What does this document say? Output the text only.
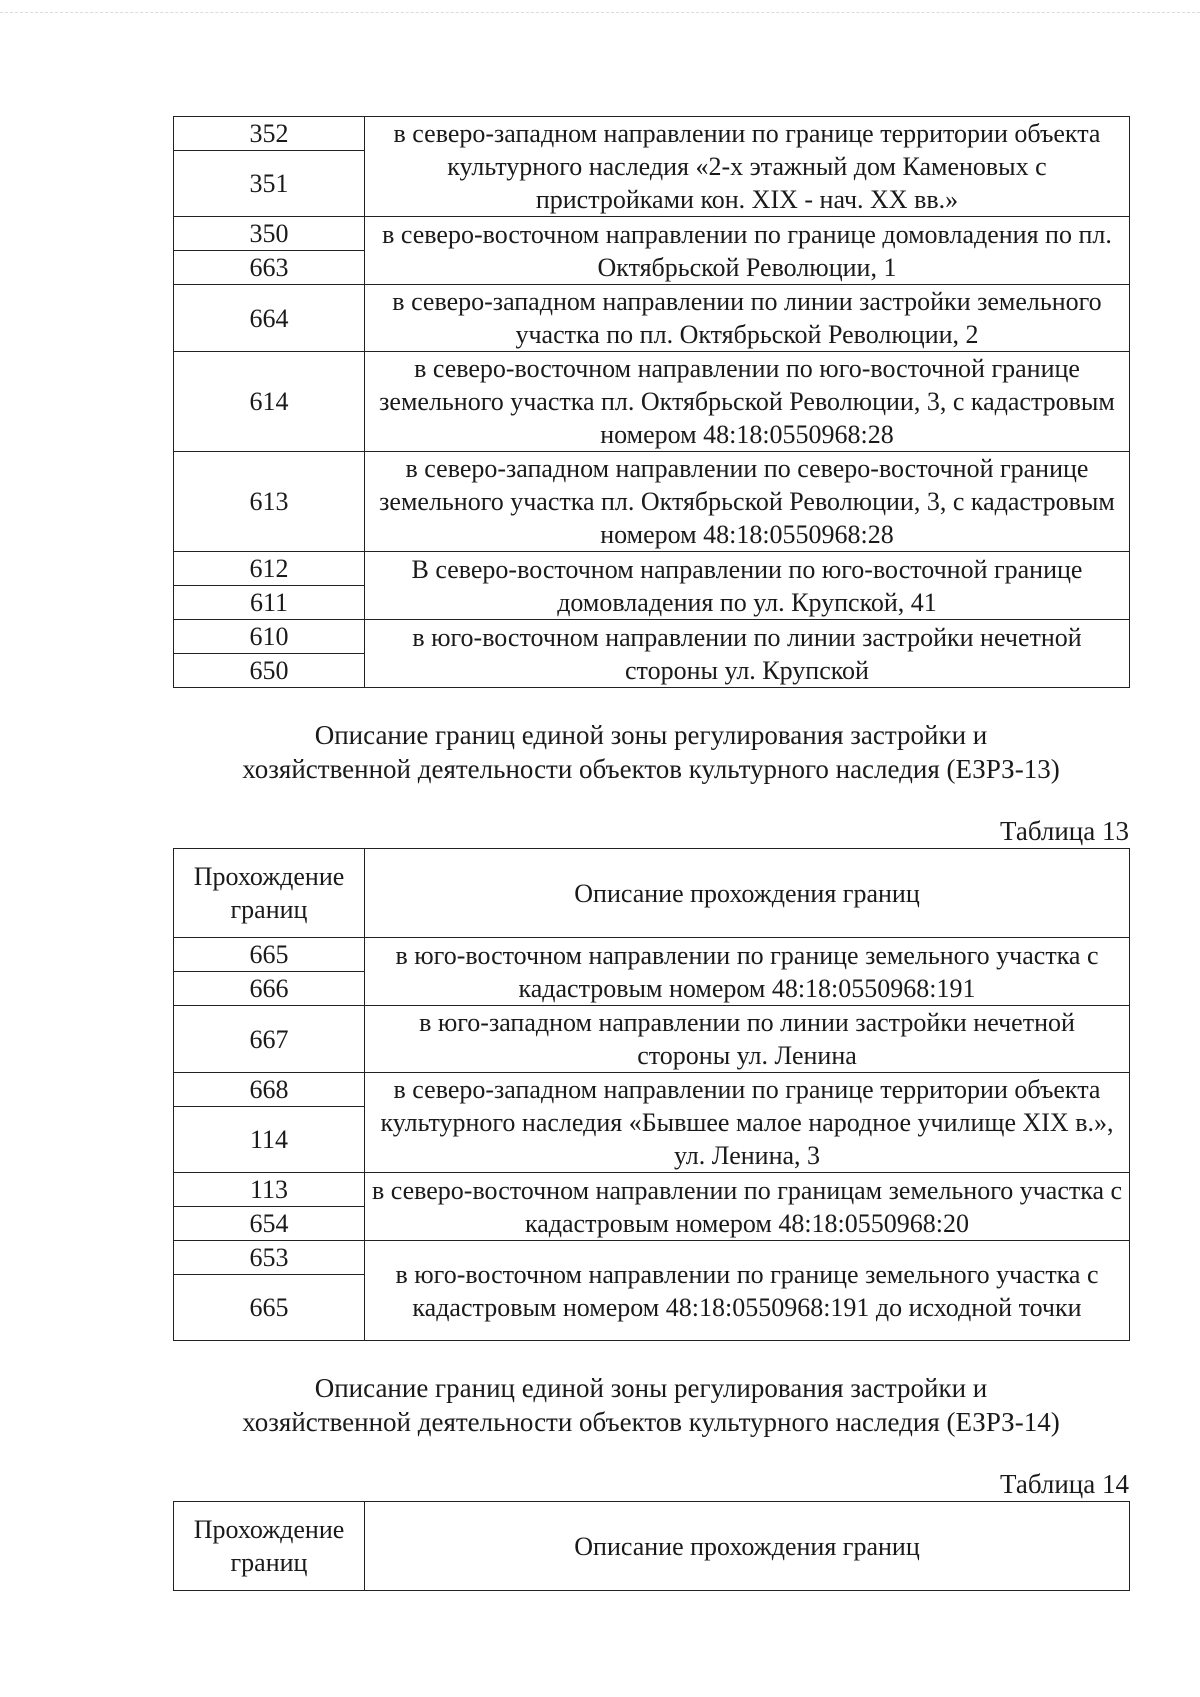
352	в северо-западном направлении по границе территории объекта культурного наследия «2-х этажный дом Каменовых с пристройками кон. XIX - нач. XX вв.»
351	
350	в северо-восточном направлении по границе домовладения по пл. Октябрьской Революции, 1
663	
664	в северо-западном направлении по линии застройки земельного участка по пл. Октябрьской Революции, 2
614	в северо-восточном направлении по юго-восточной границе земельного участка пл. Октябрьской Революции, 3, с кадастровым номером 48:18:0550968:28
613	в северо-западном направлении по северо-восточной границе земельного участка пл. Октябрьской Революции, 3, с кадастровым номером 48:18:0550968:28
612	В северо-восточном направлении по юго-восточной границе домовладения по ул. Крупской, 41
611	
610	в юго-восточном направлении по линии застройки нечетной стороны ул. Крупской
650	
Описание границ единой зоны регулирования застройки и
хозяйственной деятельности объектов культурного наследия (ЕЗРЗ-13)
Таблица 13
Прохождение границ	Описание прохождения границ
665	в юго-восточном направлении по границе земельного участка с кадастровым номером 48:18:0550968:191
666	
667	в юго-западном направлении по линии застройки нечетной стороны ул. Ленина
668	в северо-западном направлении по границе территории объекта культурного наследия «Бывшее малое народное училище XIX в.», ул. Ленина, 3
114	
113	в северо-восточном направлении по границам земельного участка с кадастровым номером 48:18:0550968:20
654	
653	в юго-восточном направлении по границе земельного участка с кадастровым номером 48:18:0550968:191 до исходной точки
665	
Описание границ единой зоны регулирования застройки и
хозяйственной деятельности объектов культурного наследия (ЕЗРЗ-14)
Таблица 14
Прохождение границ	Описание прохождения границ
